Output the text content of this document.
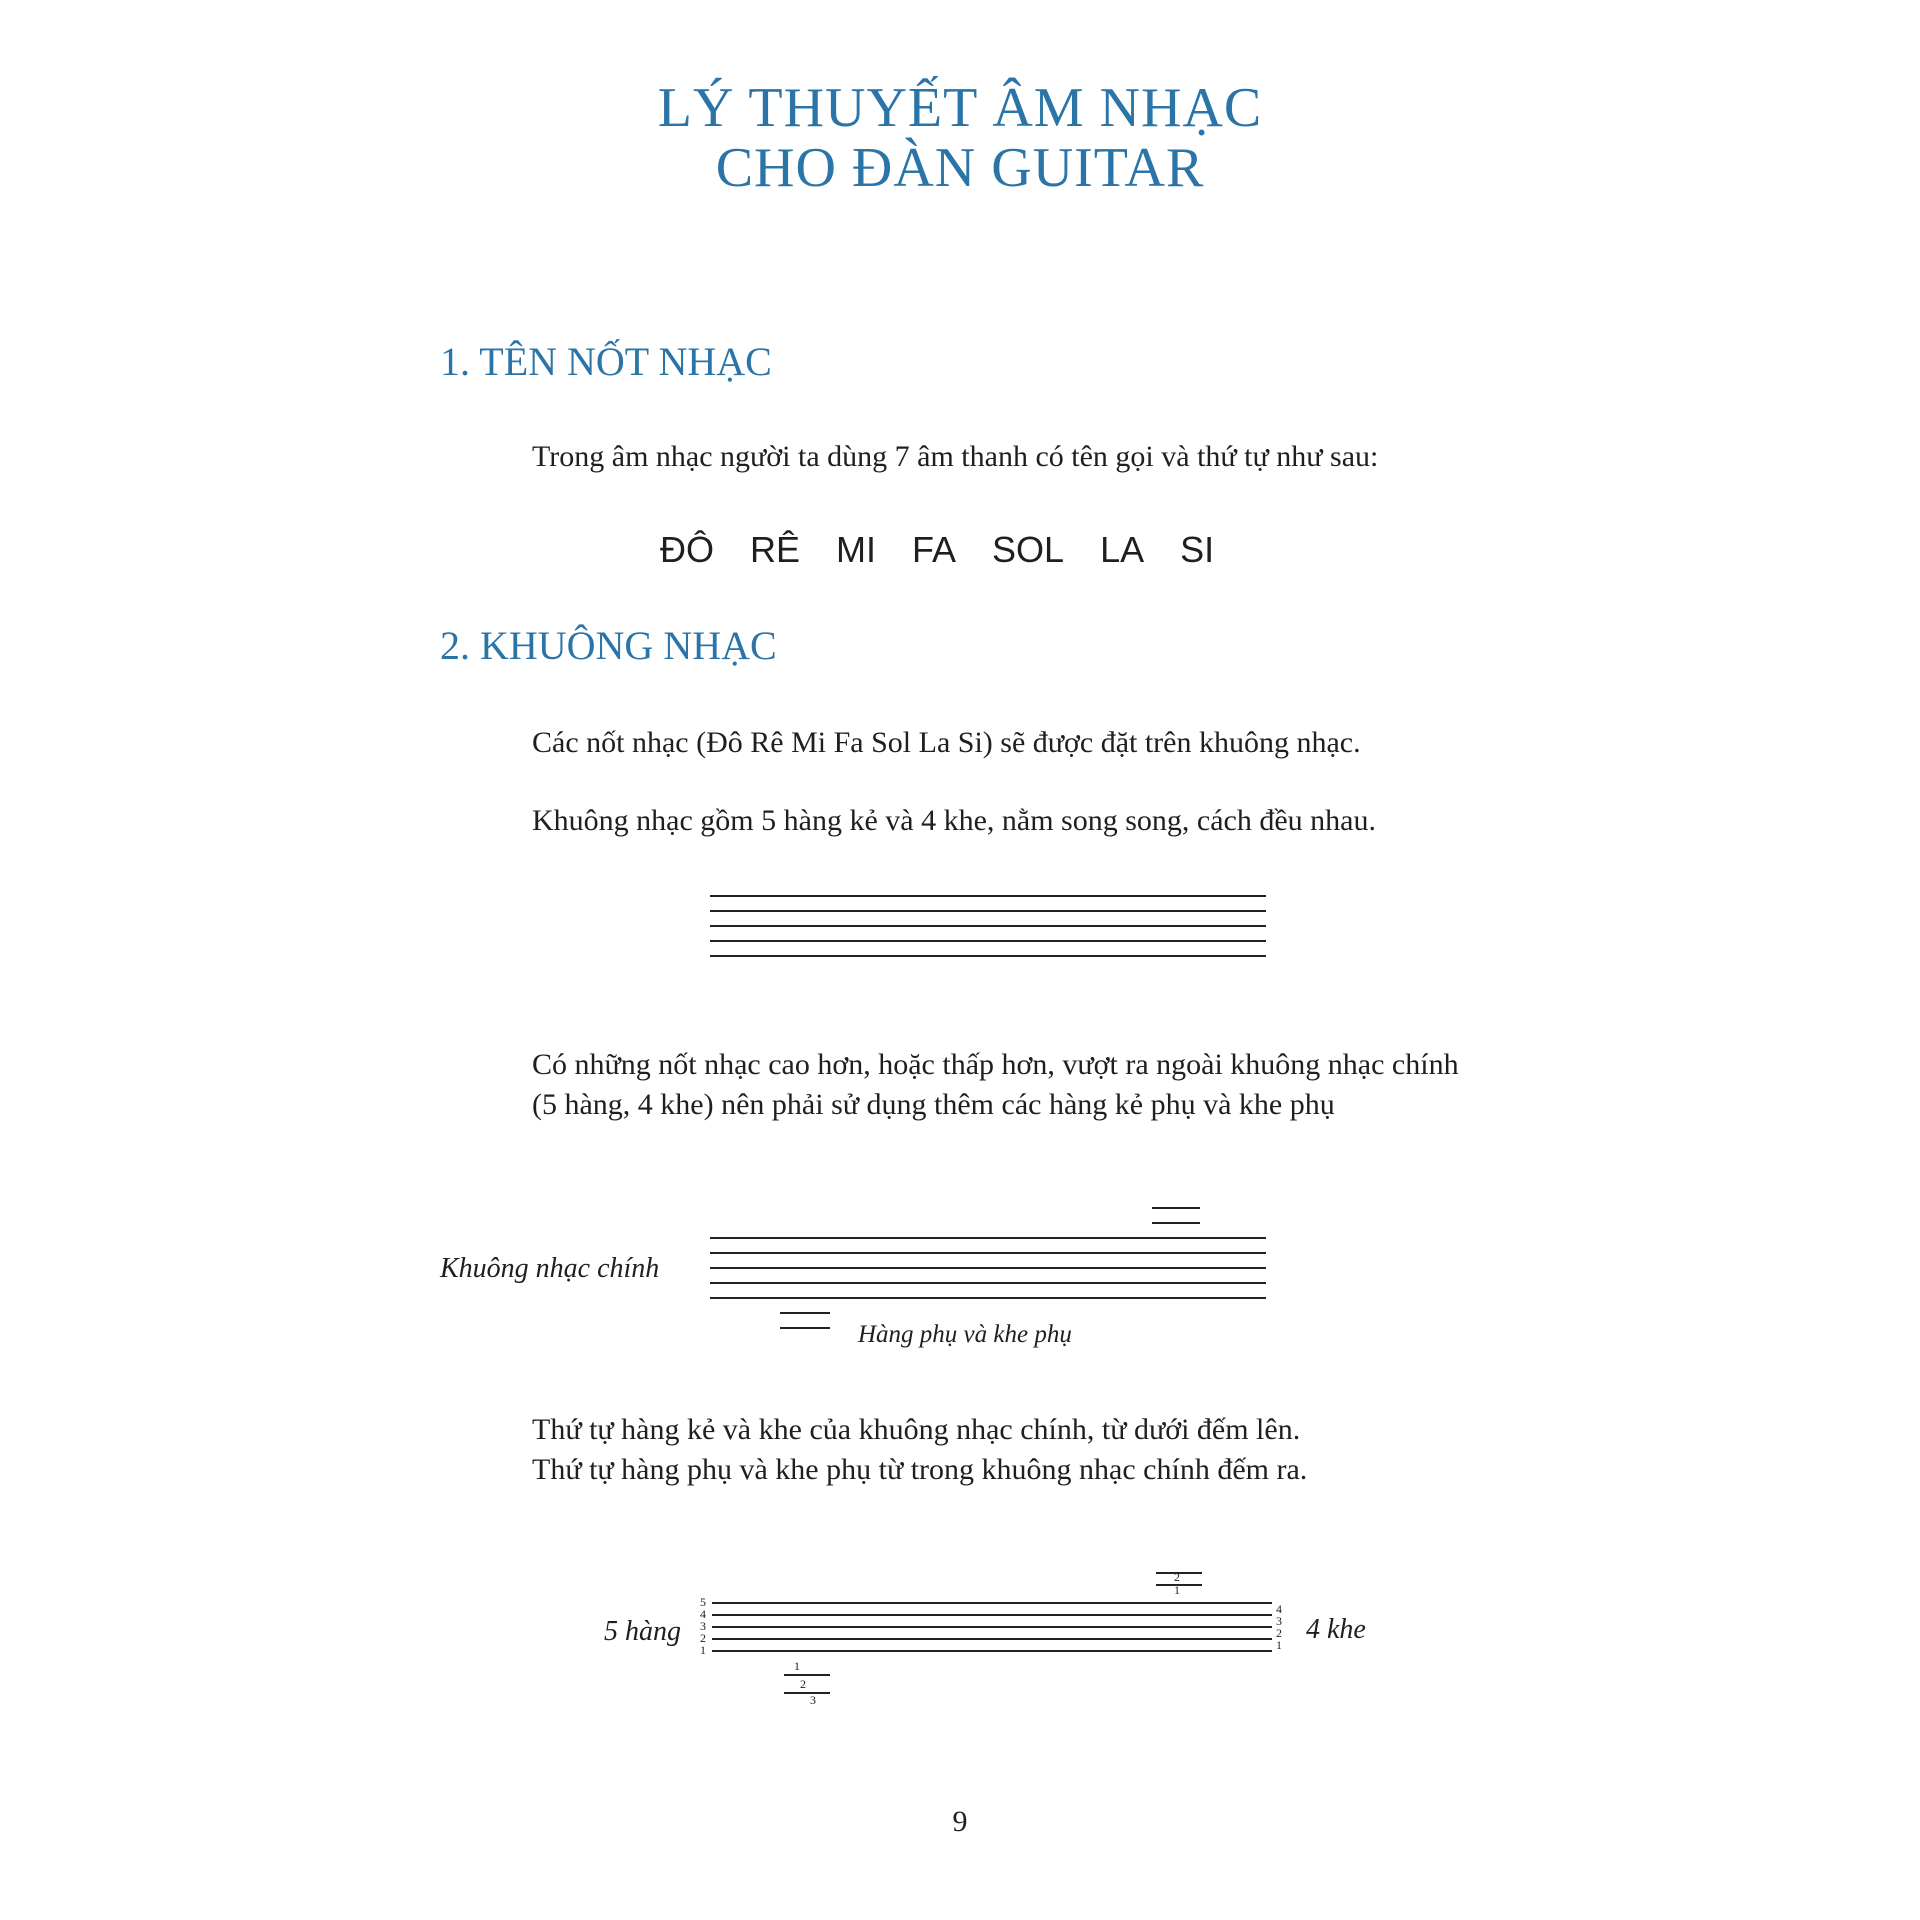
LÝ THUYẾT ÂM NHẠC
CHO ĐÀN GUITAR
1. TÊN NỐT NHẠC
Trong âm nhạc người ta dùng 7 âm thanh có tên gọi và thứ tự như sau:
ĐÔ RÊ MI FA SOL LA SI
2. KHUÔNG NHẠC
Các nốt nhạc (Đô Rê Mi Fa Sol La Si) sẽ được đặt trên khuông nhạc.
Khuông nhạc gồm 5 hàng kẻ và 4 khe, nằm song song, cách đều nhau.
Có những nốt nhạc cao hơn, hoặc thấp hơn, vượt ra ngoài khuông nhạc chính
(5 hàng, 4 khe) nên phải sử dụng thêm các hàng kẻ phụ và khe phụ
Khuông nhạc chính
Hàng phụ và khe phụ
Thứ tự hàng kẻ và khe của khuông nhạc chính, từ dưới đếm lên.
Thứ tự hàng phụ và khe phụ từ trong khuông nhạc chính đếm ra.
5 hàng	4 khe
2
1
5
4
3
2
1
4
3
2
1
1
2
3
9
